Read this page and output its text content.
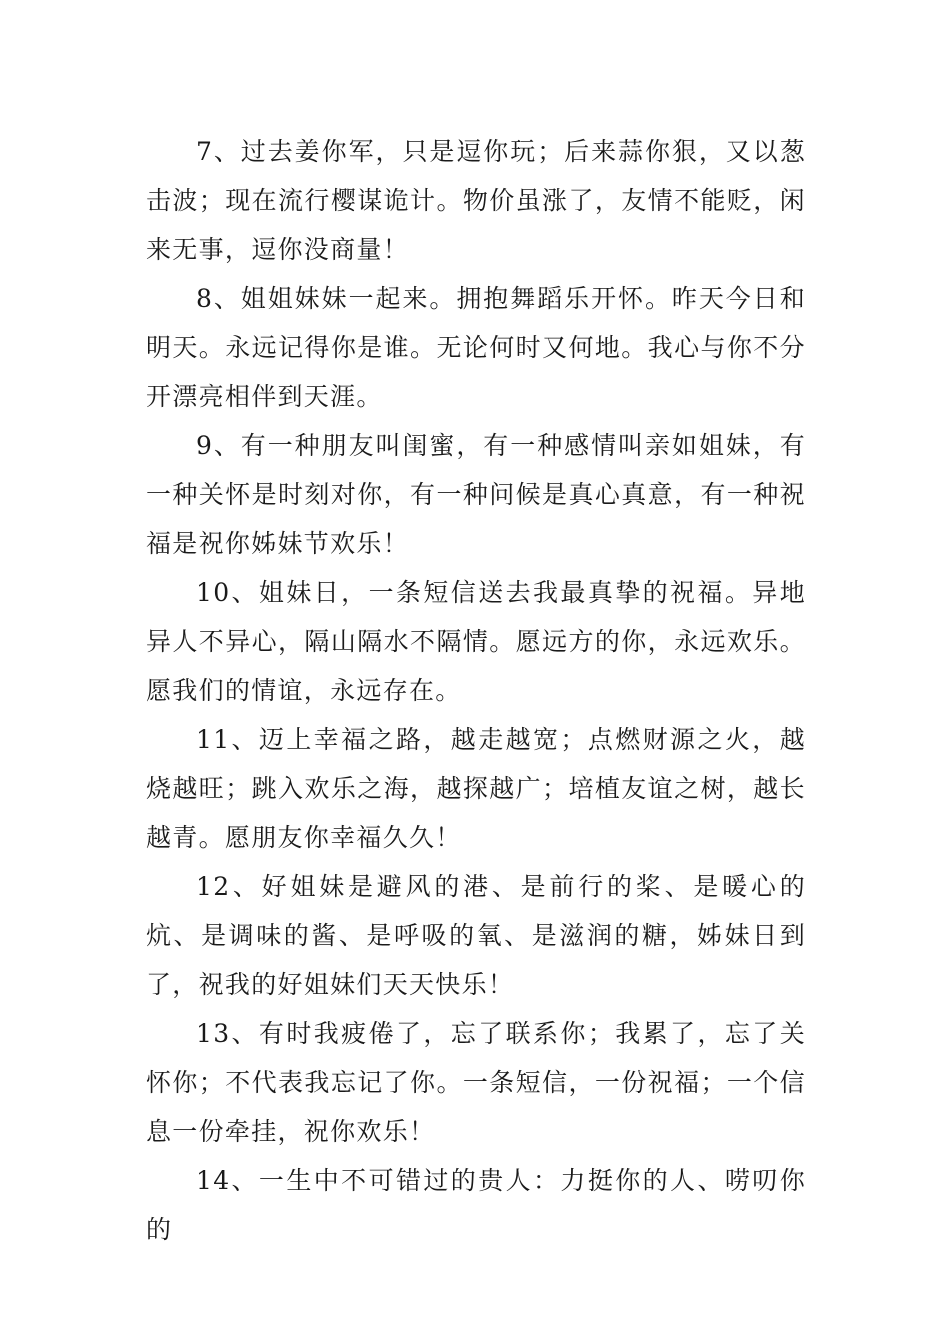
7、过去姜你军，只是逗你玩；后来蒜你狠，又以葱击波；现在流行樱谋诡计。物价虽涨了，友情不能贬，闲来无事，逗你没商量！

8、姐姐妹妹一起来。拥抱舞蹈乐开怀。昨天今日和明天。永远记得你是谁。无论何时又何地。我心与你不分开漂亮相伴到天涯。

9、有一种朋友叫闺蜜，有一种感情叫亲如姐妹，有一种关怀是时刻对你，有一种问候是真心真意，有一种祝福是祝你姊妹节欢乐！

10、姐妹日，一条短信送去我最真挚的祝福。异地异人不异心，隔山隔水不隔情。愿远方的你，永远欢乐。愿我们的情谊，永远存在。

11、迈上幸福之路，越走越宽；点燃财源之火，越烧越旺；跳入欢乐之海，越探越广；培植友谊之树，越长越青。愿朋友你幸福久久！

12、好姐妹是避风的港、是前行的桨、是暖心的炕、是调味的酱、是呼吸的氧、是滋润的糖，姊妹日到了，祝我的好姐妹们天天快乐！

13、有时我疲倦了，忘了联系你；我累了，忘了关怀你；不代表我忘记了你。一条短信，一份祝福；一个信息一份牵挂，祝你欢乐！

14、一生中不可错过的贵人：力挺你的人、唠叨你的
